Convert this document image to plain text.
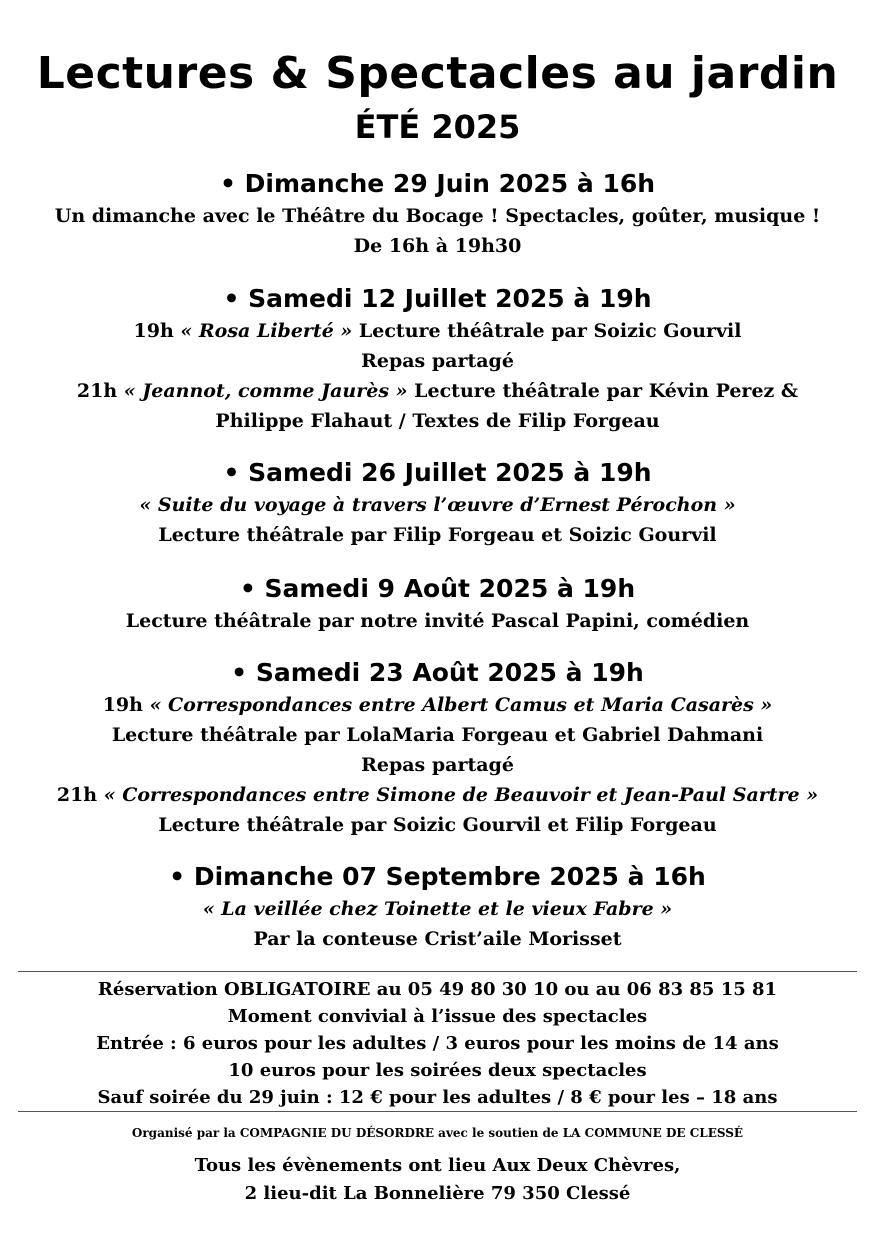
Lectures & Spectacles au jardin
ÉTÉ 2025
• Dimanche 29 Juin 2025 à 16h
Un dimanche avec le Théâtre du Bocage ! Spectacles, goûter, musique !
De 16h à 19h30
• Samedi 12 Juillet 2025 à 19h
19h « Rosa Liberté » Lecture théâtrale par Soizic Gourvil
Repas partagé
21h « Jeannot, comme Jaurès » Lecture théâtrale par Kévin Perez &
Philippe Flahaut / Textes de Filip Forgeau
• Samedi 26 Juillet 2025 à 19h
« Suite du voyage à travers l’œuvre d’Ernest Pérochon »
Lecture théâtrale par Filip Forgeau et Soizic Gourvil
• Samedi 9 Août 2025 à 19h
Lecture théâtrale par notre invité Pascal Papini, comédien
• Samedi 23 Août 2025 à 19h
19h « Correspondances entre Albert Camus et Maria Casarès »
Lecture théâtrale par LolaMaria Forgeau et Gabriel Dahmani
Repas partagé
21h « Correspondances entre Simone de Beauvoir et Jean-Paul Sartre »
Lecture théâtrale par Soizic Gourvil et Filip Forgeau
• Dimanche 07 Septembre 2025 à 16h
« La veillée chez Toinette et le vieux Fabre »
Par la conteuse Crist’aile Morisset
Réservation OBLIGATOIRE au 05 49 80 30 10 ou au 06 83 85 15 81
Moment convivial à l’issue des spectacles
Entrée : 6 euros pour les adultes / 3 euros pour les moins de 14 ans
10 euros pour les soirées deux spectacles
Sauf soirée du 29 juin : 12 € pour les adultes / 8 € pour les – 18 ans
Organisé par la COMPAGNIE DU DÉSORDRE avec le soutien de LA COMMUNE DE CLESSÉ
Tous les évènements ont lieu Aux Deux Chèvres,
2 lieu-dit La Bonnelière 79 350 Clessé
